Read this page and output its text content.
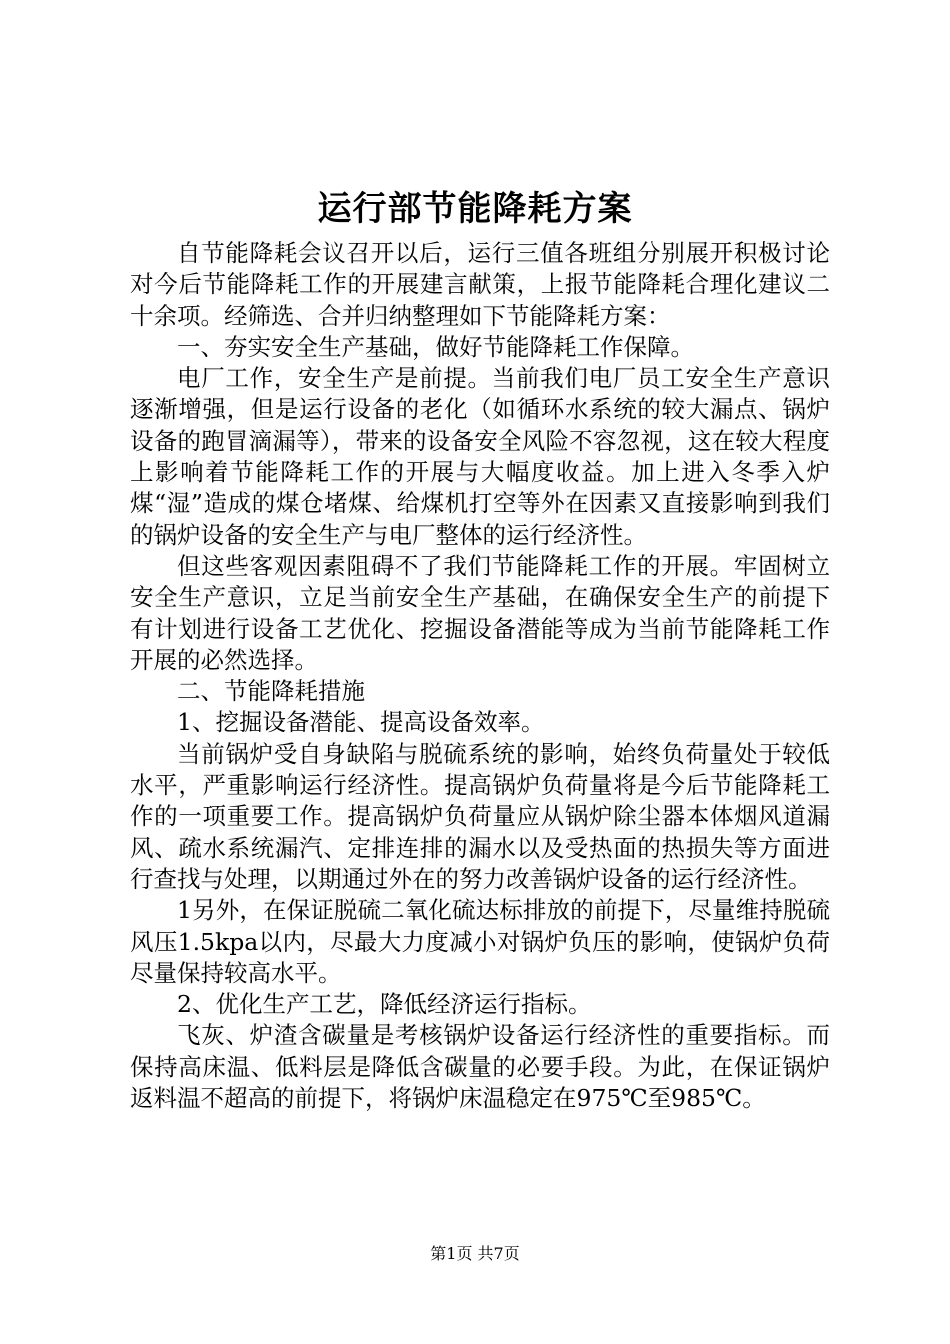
运行部节能降耗方案

自节能降耗会议召开以后，运行三值各班组分别展开积极讨论对今后节能降耗工作的开展建言献策，上报节能降耗合理化建议二十余项。经筛选、合并归纳整理如下节能降耗方案：

一、夯实安全生产基础，做好节能降耗工作保障。

电厂工作，安全生产是前提。当前我们电厂员工安全生产意识逐渐增强，但是运行设备的老化（如循环水系统的较大漏点、锅炉设备的跑冒滴漏等），带来的设备安全风险不容忽视，这在较大程度上影响着节能降耗工作的开展与大幅度收益。加上进入冬季入炉煤“湿”造成的煤仓堵煤、给煤机打空等外在因素又直接影响到我们的锅炉设备的安全生产与电厂整体的运行经济性。

但这些客观因素阻碍不了我们节能降耗工作的开展。牢固树立安全生产意识，立足当前安全生产基础，在确保安全生产的前提下有计划进行设备工艺优化、挖掘设备潜能等成为当前节能降耗工作开展的必然选择。

二、节能降耗措施

1、挖掘设备潜能、提高设备效率。

当前锅炉受自身缺陷与脱硫系统的影响，始终负荷量处于较低水平，严重影响运行经济性。提高锅炉负荷量将是今后节能降耗工作的一项重要工作。提高锅炉负荷量应从锅炉除尘器本体烟风道漏风、疏水系统漏汽、定排连排的漏水以及受热面的热损失等方面进行查找与处理，以期通过外在的努力改善锅炉设备的运行经济性。

1另外，在保证脱硫二氧化硫达标排放的前提下，尽量维持脱硫风压1.5kpa以内，尽最大力度减小对锅炉负压的影响，使锅炉负荷尽量保持较高水平。

2、优化生产工艺，降低经济运行指标。

飞灰、炉渣含碳量是考核锅炉设备运行经济性的重要指标。而保持高床温、低料层是降低含碳量的必要手段。为此，在保证锅炉返料温不超高的前提下，将锅炉床温稳定在975℃至985℃。

第1页 共7页
